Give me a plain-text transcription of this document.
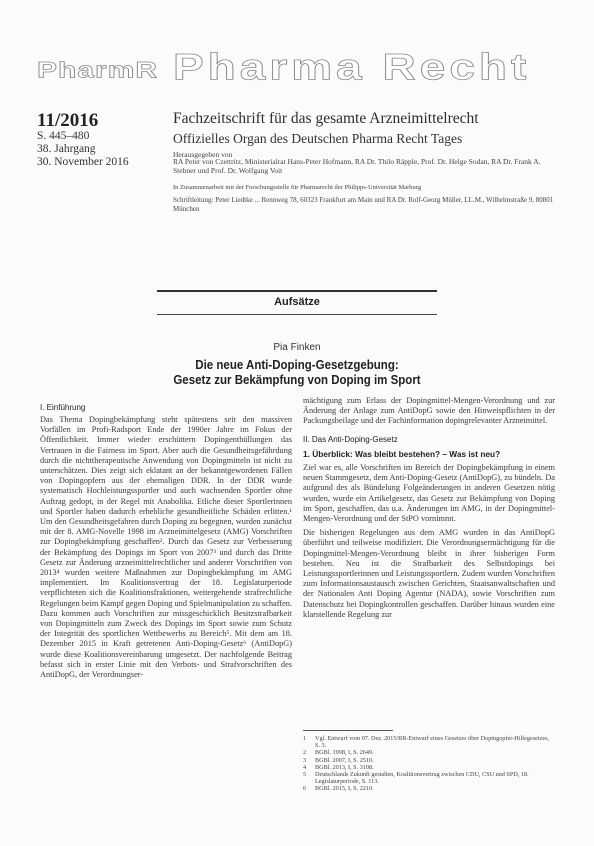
PharmR Pharma Recht
11/2016
S. 445–480
38. Jahrgang
30. November 2016
Fachzeitschrift für das gesamte Arzneimittelrecht
Offizielles Organ des Deutschen Pharma Recht Tages
Herausgegeben von
RA Peter von Czettritz, Ministerialrat Hans-Peter Hofmann, RA Dr. Thilo Räpple, Prof. Dr. Helge Sodan, RA Dr. Frank A. Stebner und Prof. Dr. Wolfgang Voit
In Zusammenarbeit mit der Forschungsstelle für Pharmarecht der Philipps-Universität Marburg
Schriftleitung: Peter Liedtke ... Rennweg 78, 60323 Frankfurt am Main und RA Dr. Rolf-Georg Müller, LL.M., Wilhelmstraße 9, 80801 München
Aufsätze
Pia Finken
Die neue Anti-Doping-Gesetzgebung:
Gesetz zur Bekämpfung von Doping im Sport
I. Einführung

Das Thema Dopingbekämpfung steht spätestens seit den massiven Vorfällen im Profi-Radsport Ende der 1990er Jahre im Fokus der Öffentlichkeit. Immer wieder erschüttern Dopingenthüllungen das Vertrauen in die Fairness im Sport. Aber auch die Gesundheitsgefährdung durch die nichttherapeutische Anwendung von Dopingmitteln ist nicht zu unterschätzen. Dies zeigt sich eklatant an der bekanntgewordenen Fällen von Dopingopfern aus der ehemaligen DDR. In der DDR wurde systematisch Hochleistungssportler und auch wachsenden Sportler ohne Auftrag gedopt, in der Regel mit Anabolika. Etliche dieser Sportlerinnen und Sportler haben dadurch erhebliche gesundheitliche Schäden erlitten.¹ Um den Gesundheitsgefahren durch Doping zu begegnen, wurden zunächst mit der 8. AMG-Novelle 1998 im Arzneimittelgesetz (AMG) Vorschriften zur Dopingbekämpfung geschaffen². Durch das Gesetz zur Verbesserung der Bekämpfung des Dopings im Sport von 2007³ und durch das Dritte Gesetz zur Änderung arzneimittelrechtlicher und anderer Vorschriften von 2013⁴ wurden weitere Maßnahmen zur Dopingbekämpfung im AMG implementiert. Im Koalitionsvertrag der 18. Legislaturperiode verpflichteten sich die Koalitionsfraktionen, weitergehende strafrechtliche Regelungen beim Kampf gegen Doping und Spielmanipulation zu schaffen. Dazu kommen auch Vorschriften zur missgeschicklich Besitzstrafbarkeit von Dopingmitteln zum Zweck des Dopings im Sport sowie zum Schutz der Integrität des sportlichen Wettbewerbs zu Bereich⁵. Mit dem am 18. Dezember 2015 in Kraft getretenen Anti-Doping-Gesetz⁶ (AntiDopG) wurde diese Koalitionsvereinbarung umgesetzt. Der nachfolgende Beitrag befasst sich in erster Linie mit den Verbots- und Strafvorschriften des AntiDopG, der Verordnungser-

mächtigung zum Erlass der Dopingmittel-Mengen-Verordnung und zur Änderung der Anlage zum AntiDopG sowie den Hinweispflichten in der Packungsbeilage und der Fachinformation dopingrelevanter Arzneimittel.

II. Das Anti-Doping-Gesetz
1. Überblick: Was bleibt bestehen? – Was ist neu?

Ziel war es, alle Vorschriften im Bereich der Dopingbekämpfung in einem neuen Stammgesetz, dem Anti-Doping-Gesetz (AntiDopG), zu bündeln. Da aufgrund des als Bündelung Folgeänderungen in anderen Gesetzen nötig wurden, wurde ein Artikelgesetz, das Gesetz zur Bekämpfung von Doping im Sport, geschaffen, das u.a. Änderungen im AMG, in der Dopingmittel-Mengen-Verordnung und der StPO vornimmt.

Die bisherigen Regelungen aus dem AMG wurden in das AntiDopG überführt und teilweise modifiziert. Die Verordnungsermächtigung für die Dopingmittel-Mengen-Verordnung bleibt in ihrer bisherigen Form bestehen. Neu ist die Strafbarkeit des Selbstdopings bei Leistungssportlerinnen und Leistungssportlern. Zudem wurden Vorschriften zum Informationsaustausch zwischen Gerichten, Staatsanwaltschaften und der Nationalen Anti Doping Agentur (NADA), sowie Vorschriften zum Datenschutz bei Dopingkontrollen geschaffen. Darüber hinaus wurden eine klarstellende Regelung zur

1	Vgl. Entwurf vom 07. Dez. 2015/BR-Entwurf eines Gesetzes über Dopingopfer-Hilfegesetzes, S. 3.
2	BGBl. 1998, I, S. 2649.
3	BGBl. 2007, I, S. 2510.
4	BGBl. 2013, I, S. 3108.
5	Deutschlands Zukunft gestalten, Koalitionsvertrag zwischen CDU, CSU und SPD, 18. Legislaturperiode, S. 113.
6	BGBl. 2015, I, S. 2210.
